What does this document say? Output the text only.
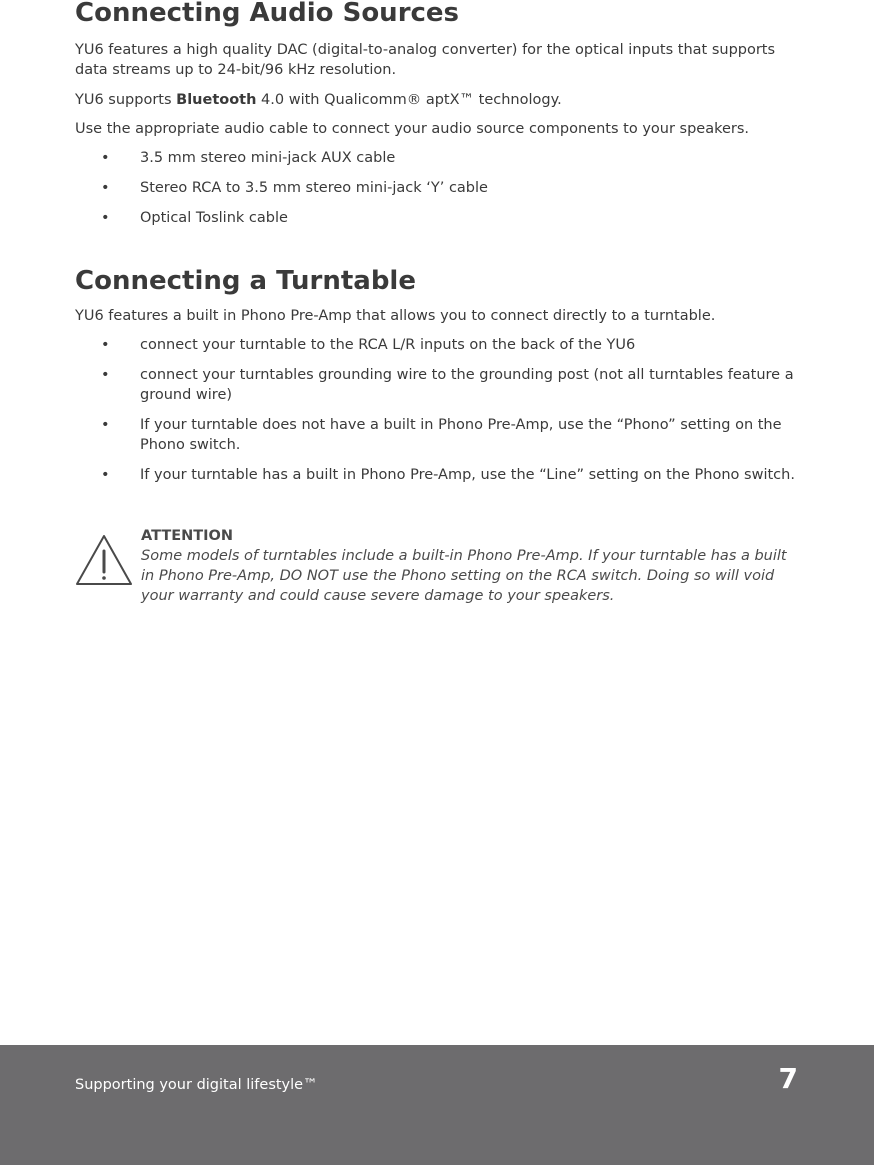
Connecting Audio Sources

YU6 features a high quality DAC (digital-to-analog converter) for the optical inputs that supports data streams up to 24-bit/96 kHz resolution.

YU6 supports Bluetooth 4.0 with Qualicomm® aptX™ technology.

Use the appropriate audio cable to connect your audio source components to your speakers.

• 3.5 mm stereo mini-jack AUX cable
• Stereo RCA to 3.5 mm stereo mini-jack ‘Y’ cable
• Optical Toslink cable
Connecting a Turntable

YU6 features a built in Phono Pre-Amp that allows you to connect directly to a turntable.

• connect your turntable to the RCA L/R inputs on the back of the YU6
• connect your turntables grounding wire to the grounding post (not all turntables feature a ground wire)
• If your turntable does not have a built in Phono Pre-Amp, use the “Phono” setting on the Phono switch.
• If your turntable has a built in Phono Pre-Amp, use the “Line” setting on the Phono switch.
ATTENTION
Some models of turntables include a built-in Phono Pre-Amp. If your turntable has a built in Phono Pre-Amp, DO NOT use the Phono setting on the RCA switch. Doing so will void your warranty and could cause severe damage to your speakers.
Supporting your digital lifestyle™	7
